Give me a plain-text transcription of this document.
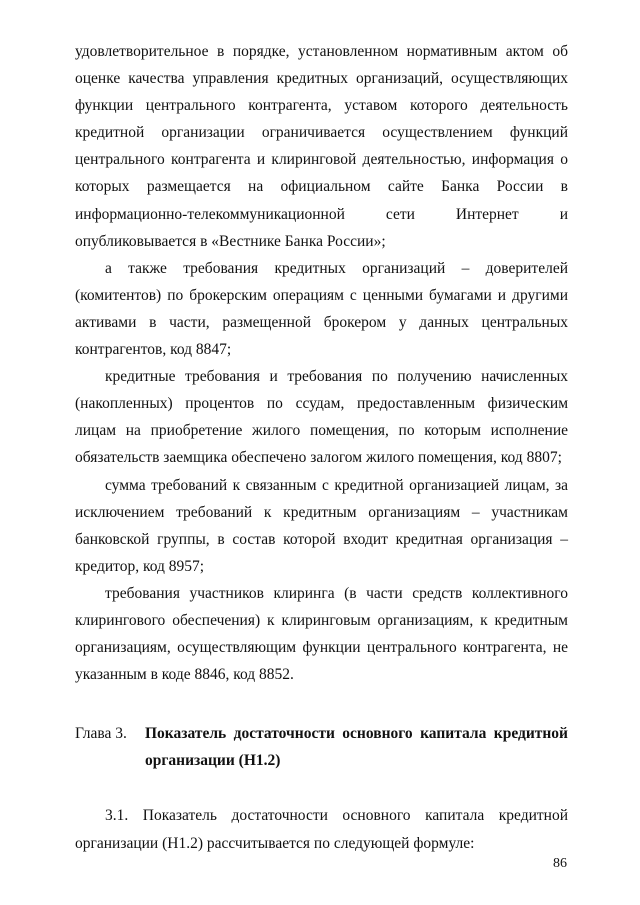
удовлетворительное в порядке, установленном нормативным актом об оценке качества управления кредитных организаций, осуществляющих функции центрального контрагента, уставом которого деятельность кредитной организации ограничивается осуществлением функций центрального контрагента и клиринговой деятельностью, информация о которых размещается на официальном сайте Банка России в информационно-телекоммуникационной сети Интернет и опубликовывается в «Вестнике Банка России»;

а также требования кредитных организаций – доверителей (комитентов) по брокерским операциям с ценными бумагами и другими активами в части, размещенной брокером у данных центральных контрагентов, код 8847;

кредитные требования и требования по получению начисленных (накопленных) процентов по ссудам, предоставленным физическим лицам на приобретение жилого помещения, по которым исполнение обязательств заемщика обеспечено залогом жилого помещения, код 8807;

сумма требований к связанным с кредитной организацией лицам, за исключением требований к кредитным организациям – участникам банковской группы, в состав которой входит кредитная организация – кредитор, код 8957;

требования участников клиринга (в части средств коллективного клирингового обеспечения) к клиринговым организациям, к кредитным организациям, осуществляющим функции центрального контрагента, не указанным в коде 8846, код 8852.

Глава 3.	Показатель достаточности основного капитала кредитной организации (Н1.2)

3.1. Показатель достаточности основного капитала кредитной организации (Н1.2) рассчитывается по следующей формуле:

86
